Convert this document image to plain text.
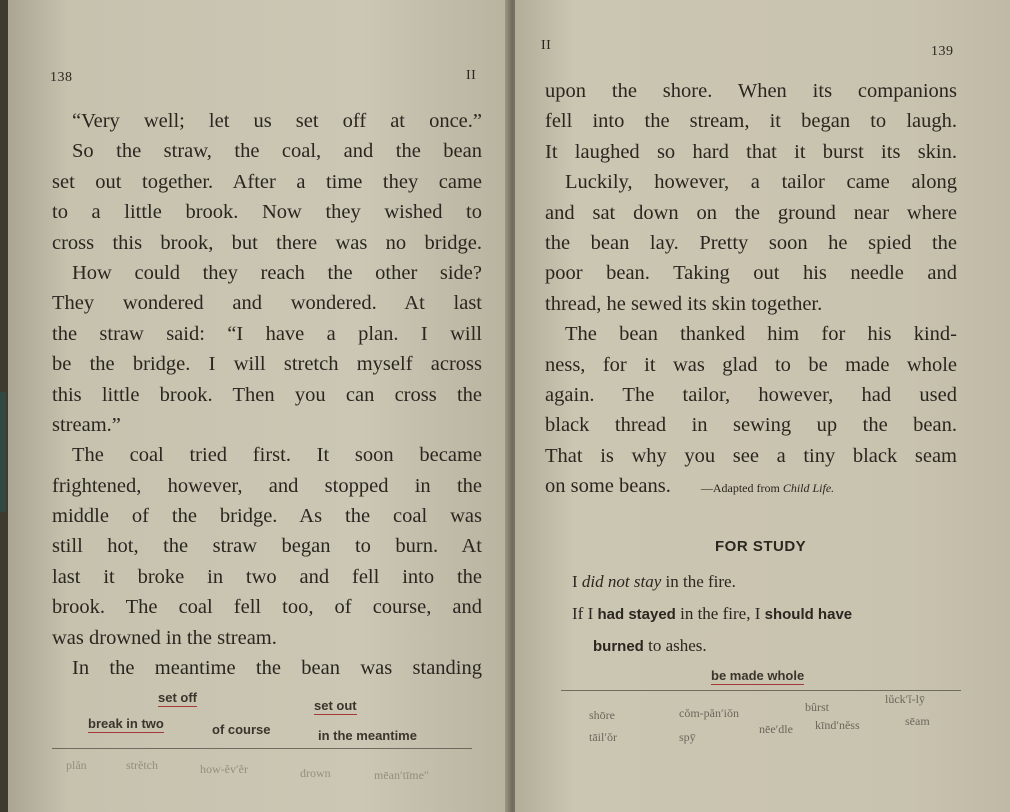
138	II
“Very well; let us set off at once.”
So the straw, the coal, and the bean
set out together. After a time they came
to a little brook. Now they wished to
cross this brook, but there was no bridge.
How could they reach the other side?
They wondered and wondered. At last
the straw said: “I have a plan. I will
be the bridge. I will stretch myself across
this little brook. Then you can cross the
stream.”
The coal tried first. It soon became
frightened, however, and stopped in the
middle of the bridge. As the coal was
still hot, the straw began to burn. At
last it broke in two and fell into the
brook. The coal fell too, of course, and
was drowned in the stream.
In the meantime the bean was standing
set off
set out
break in two	of course	in the meantime
plăn	strĕtch	how-ĕv′ẽr	drown	mēan′tīme″
II	139
upon the shore. When its companions
fell into the stream, it began to laugh.
It laughed so hard that it burst its skin.
Luckily, however, a tailor came along
and sat down on the ground near where
the bean lay. Pretty soon he spied the
poor bean. Taking out his needle and
thread, he sewed its skin together.
The bean thanked him for his kind-
ness, for it was glad to be made whole
again. The tailor, however, had used
black thread in sewing up the bean.
That is why you see a tiny black seam
on some beans.	—Adapted from Child Life.
FOR STUDY
I did not stay in the fire.
If I had stayed in the fire, I should have
burned to ashes.
be made whole
shōre
tāil′ŏr
cŏm-păn′iŏn
spȳ
nēe′dle
bûrst
kīnd′nĕss
lŭck′ĭ-lȳ
sēam
